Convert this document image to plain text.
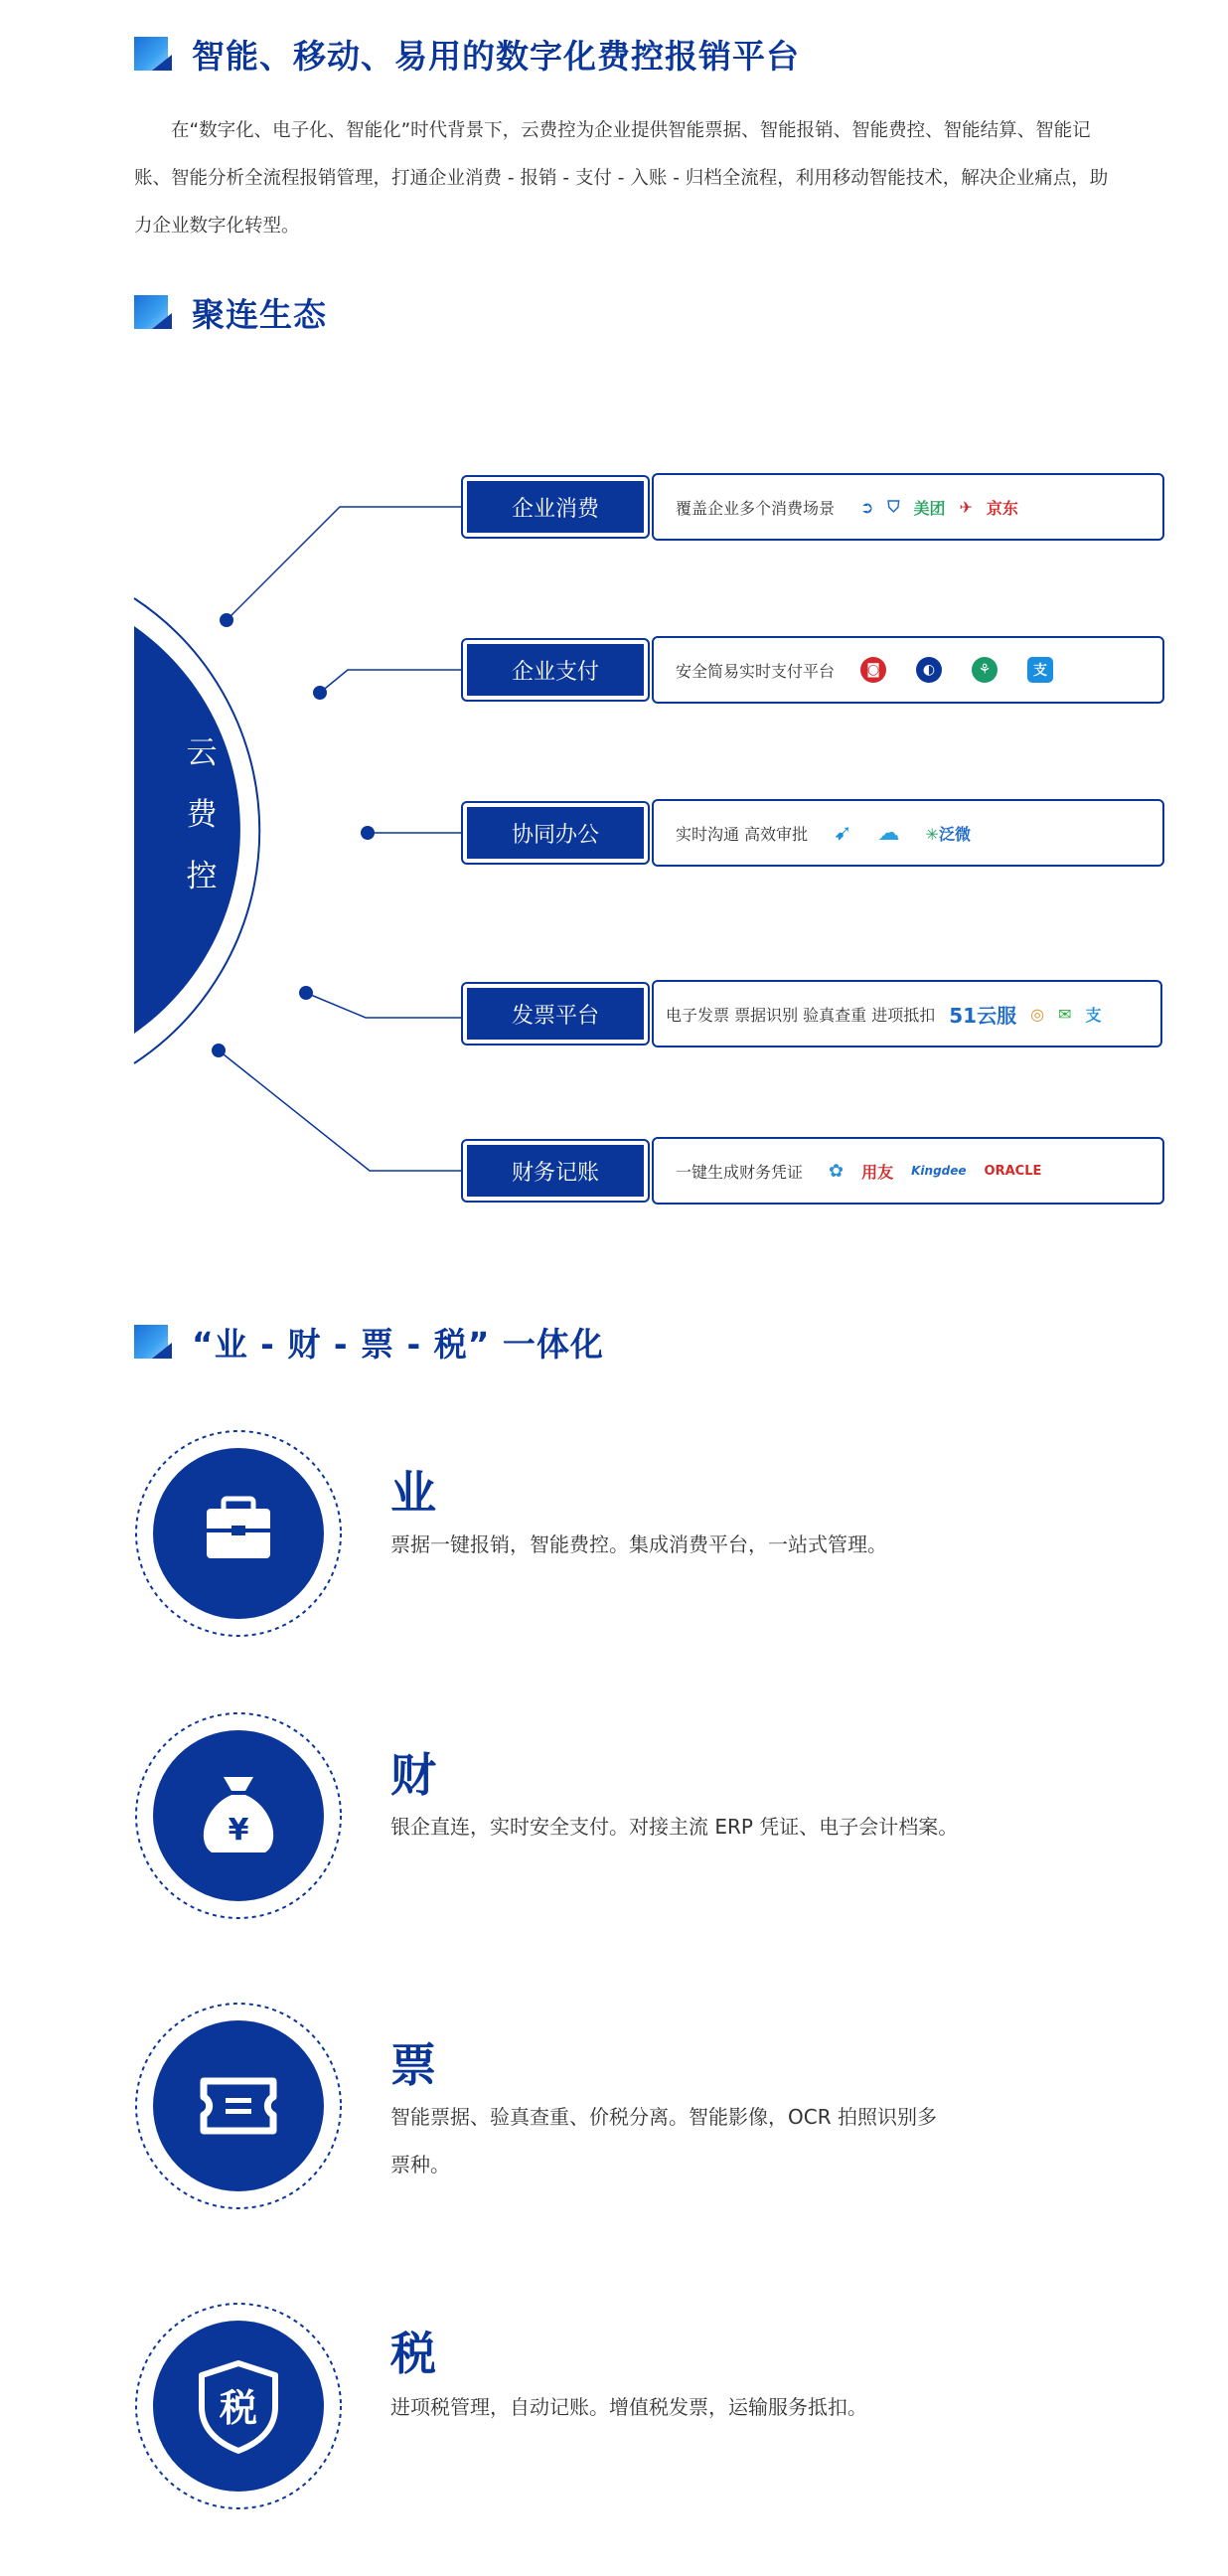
智能、移动、易用的数字化费控报销平台

在“数字化、电子化、智能化”时代背景下，云费控为企业提供智能票据、智能报销、智能费控、智能结算、智能记账、智能分析全流程报销管理，打通企业消费 - 报销 - 支付 - 入账 - 归档全流程，利用移动智能技术，解决企业痛点，助力企业数字化转型。

聚连生态
云
费
控
企业消费	覆盖企业多个消费场景 ➲ ⛉ 美团 ✈ 京东
企业支付	安全简易实时支付平台	◙	◐	⚘	支
协同办公	实时沟通 高效审批 ➹ ☁ ✳泛微
发票平台	电子发票 票据识别 验真查重 进项抵扣 51云服 ◎ ✉ 支
财务记账	一键生成财务凭证 ✿ 用友 Kingdee ORACLE
“业 - 财 - 票 - 税” 一体化
业
票据一键报销，智能费控。集成消费平台，一站式管理。
¥
财
银企直连，实时安全支付。对接主流 ERP 凭证、电子会计档案。
票
智能票据、验真查重、价税分离。智能影像，OCR 拍照识别多票种。
税
税
进项税管理，自动记账。增值税发票，运输服务抵扣。
